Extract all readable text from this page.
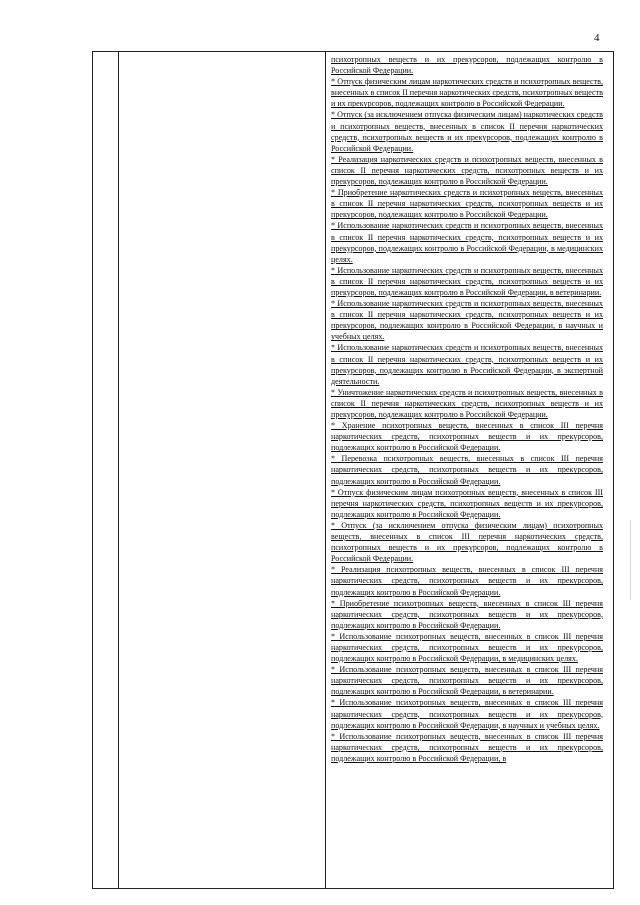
4

психотропных веществ и их прекурсоров, подлежащих контролю в Российской Федерации.

* Отпуск физическим лицам наркотических средств и психотропных веществ, внесенных в список II перечня наркотических средств, психотропных веществ и их прекурсоров, подлежащих контролю в Российской Федерации.

* Отпуск (за исключением отпуска физическим лицам) наркотических средств и психотропных веществ, внесенных в список II перечня наркотических средств, психотропных веществ и их прекурсоров, подлежащих контролю в Российской Федерации.

* Реализация наркотических средств и психотропных веществ, внесенных в список II перечня наркотических средств, психотропных веществ и их прекурсоров, подлежащих контролю в Российской Федерации.

* Приобретение наркотических средств и психотропных веществ, внесенных в список II перечня наркотических средств, психотропных веществ и их прекурсоров, подлежащих контролю в Российской Федерации.

* Использование наркотических средств и психотропных веществ, внесенных в список II перечня наркотических средств, психотропных веществ и их прекурсоров, подлежащих контролю в Российской Федерации, в медицинских целях.

* Использование наркотических средств и психотропных веществ, внесенных в список II перечня наркотических средств, психотропных веществ и их прекурсоров, подлежащих контролю в Российской Федерации, в ветеринарии.

* Использование наркотических средств и психотропных веществ, внесенных в список II перечня наркотических средств, психотропных веществ и их прекурсоров, подлежащих контролю в Российской Федерации, в научных и учебных целях.

* Использование наркотических средств и психотропных веществ, внесенных в список II перечня наркотических средств, психотропных веществ и их прекурсоров, подлежащих контролю в Российской Федерации, в экспертной деятельности.

* Уничтожение наркотических средств и психотропных веществ, внесенных в список II перечня наркотических средств, психотропных веществ и их прекурсоров, подлежащих контролю в Российской Федерации.

* Хранение психотропных веществ, внесенных в список III перечня наркотических средств, психотропных веществ и их прекурсоров, подлежащих контролю в Российской Федерации.

* Перевозка психотропных веществ, внесенных в список III перечня наркотических средств, психотропных веществ и их прекурсоров, подлежащих контролю в Российской Федерации.

* Отпуск физическим лицам психотропных веществ, внесенных в список III перечня наркотических средств, психотропных веществ и их прекурсоров, подлежащих контролю в Российской Федерации.

* Отпуск (за исключением отпуска физическим лицам) психотропных веществ, внесенных в список III перечня наркотических средств, психотропных веществ и их прекурсоров, подлежащих контролю в Российской Федерации.

* Реализация психотропных веществ, внесенных в список III перечня наркотических средств, психотропных веществ и их прекурсоров, подлежащих контролю в Российской Федерации.

* Приобретение психотропных веществ, внесенных в список III перечня наркотических средств, психотропных веществ и их прекурсоров, подлежащих контролю в Российской Федерации.

* Использование психотропных веществ, внесенных в список III перечня наркотических средств, психотропных веществ и их прекурсоров, подлежащих контролю в Российской Федерации, в медицинских целях.

* Использование психотропных веществ, внесенных в список III перечня наркотических средств, психотропных веществ и их прекурсоров, подлежащих контролю в Российской Федерации, в ветеринарии.

* Использование психотропных веществ, внесенных в список III перечня наркотических средств, психотропных веществ и их прекурсоров, подлежащих контролю в Российской Федерации, в научных и учебных целях.

* Использование психотропных веществ, внесенных в список III перечня наркотических средств, психотропных веществ и их прекурсоров, подлежащих контролю в Российской Федерации, в
